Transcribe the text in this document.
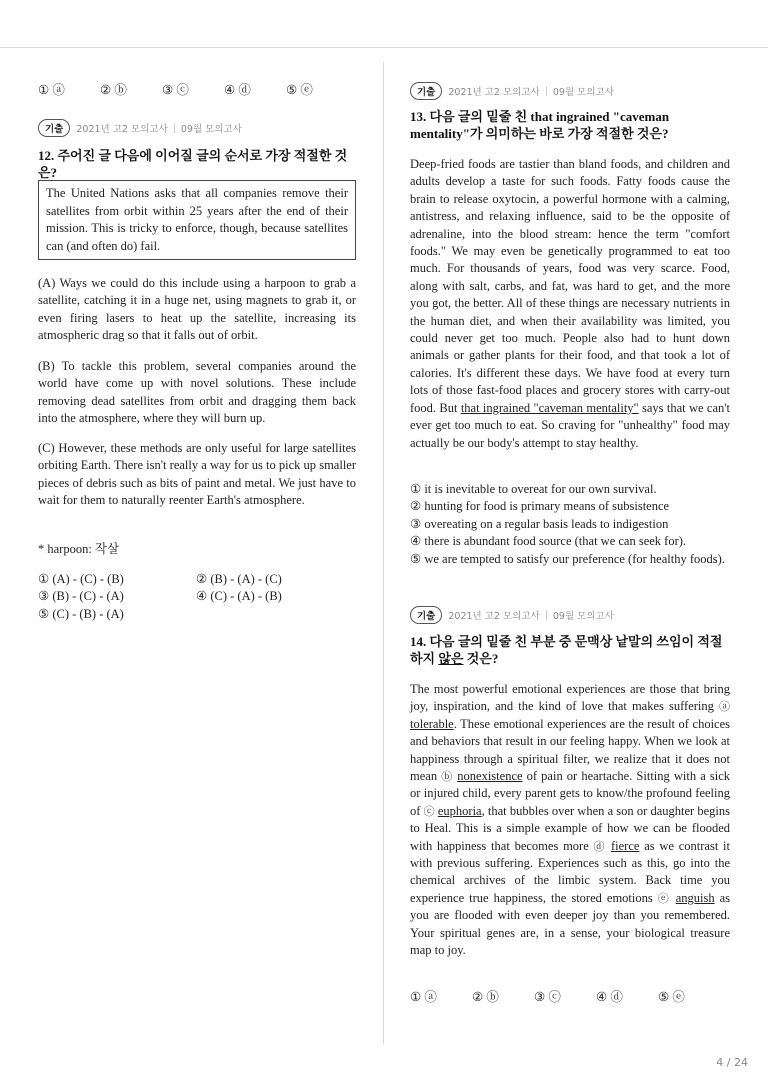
① ⓐ	② ⓑ	③ ⓒ	④ ⓓ	⑤ ⓔ
기출	2021년 고2 모의고사 | 09월 모의고사

12. 주어진 글 다음에 이어질 글의 순서로 가장 적절한 것은?

The United Nations asks that all companies remove their satellites from orbit within 25 years after the end of their mission. This is tricky to enforce, though, because satellites can (and often do) fail.

(A) Ways we could do this include using a harpoon to grab a satellite, catching it in a huge net, using magnets to grab it, or even firing lasers to heat up the satellite, increasing its atmospheric drag so that it falls out of orbit.

(B) To tackle this problem, several companies around the world have come up with novel solutions. These include removing dead satellites from orbit and dragging them back into the atmosphere, where they will burn up.

(C) However, these methods are only useful for large satellites orbiting Earth. There isn't really a way for us to pick up smaller pieces of debris such as bits of paint and metal. We just have to wait for them to naturally reenter Earth's atmosphere.

* harpoon: 작살

① (A) - (C) - (B)	② (B) - (A) - (C)
③ (B) - (C) - (A)	④ (C) - (A) - (B)
⑤ (C) - (B) - (A)
기출	2021년 고2 모의고사 | 09월 모의고사

13. 다음 글의 밑줄 친 that ingrained "caveman mentality"가 의미하는 바로 가장 적절한 것은?

Deep-fried foods are tastier than bland foods, and children and adults develop a taste for such foods. Fatty foods cause the brain to release oxytocin, a powerful hormone with a calming, antistress, and relaxing influence, said to be the opposite of adrenaline, into the blood stream: hence the term "comfort foods." We may even be genetically programmed to eat too much. For thousands of years, food was very scarce. Food, along with salt, carbs, and fat, was hard to get, and the more you got, the better. All of these things are necessary nutrients in the human diet, and when their availability was limited, you could never get too much. People also had to hunt down animals or gather plants for their food, and that took a lot of calories. It's different these days. We have food at every turn lots of those fast-food places and grocery stores with carry-out food. But that ingrained "caveman mentality" says that we can't ever get too much to eat. So craving for "unhealthy" food may actually be our body's attempt to stay healthy.

① it is inevitable to overeat for our own survival.
② hunting for food is primary means of subsistence
③ overeating on a regular basis leads to indigestion
④ there is abundant food source (that we can seek for).
⑤ we are tempted to satisfy our preference (for healthy foods).
기출	2021년 고2 모의고사 | 09월 모의고사

14. 다음 글의 밑줄 친 부분 중 문맥상 낱말의 쓰임이 적절하지 않은 것은?

The most powerful emotional experiences are those that bring joy, inspiration, and the kind of love that makes suffering ⓐ tolerable. These emotional experiences are the result of choices and behaviors that result in our feeling happy. When we look at happiness through a spiritual filter, we realize that it does not mean ⓑ nonexistence of pain or heartache. Sitting with a sick or injured child, every parent gets to know/the profound feeling of ⓒ euphoria, that bubbles over when a son or daughter begins to Heal. This is a simple example of how we can be flooded with happiness that becomes more ⓓ fierce as we contrast it with previous suffering. Experiences such as this, go into the chemical archives of the limbic system. Back time you experience true happiness, the stored emotions ⓔ anguish as you are flooded with even deeper joy than you remembered. Your spiritual genes are, in a sense, your biological treasure map to joy.

① ⓐ	② ⓑ	③ ⓒ	④ ⓓ	⑤ ⓔ
4 / 24
